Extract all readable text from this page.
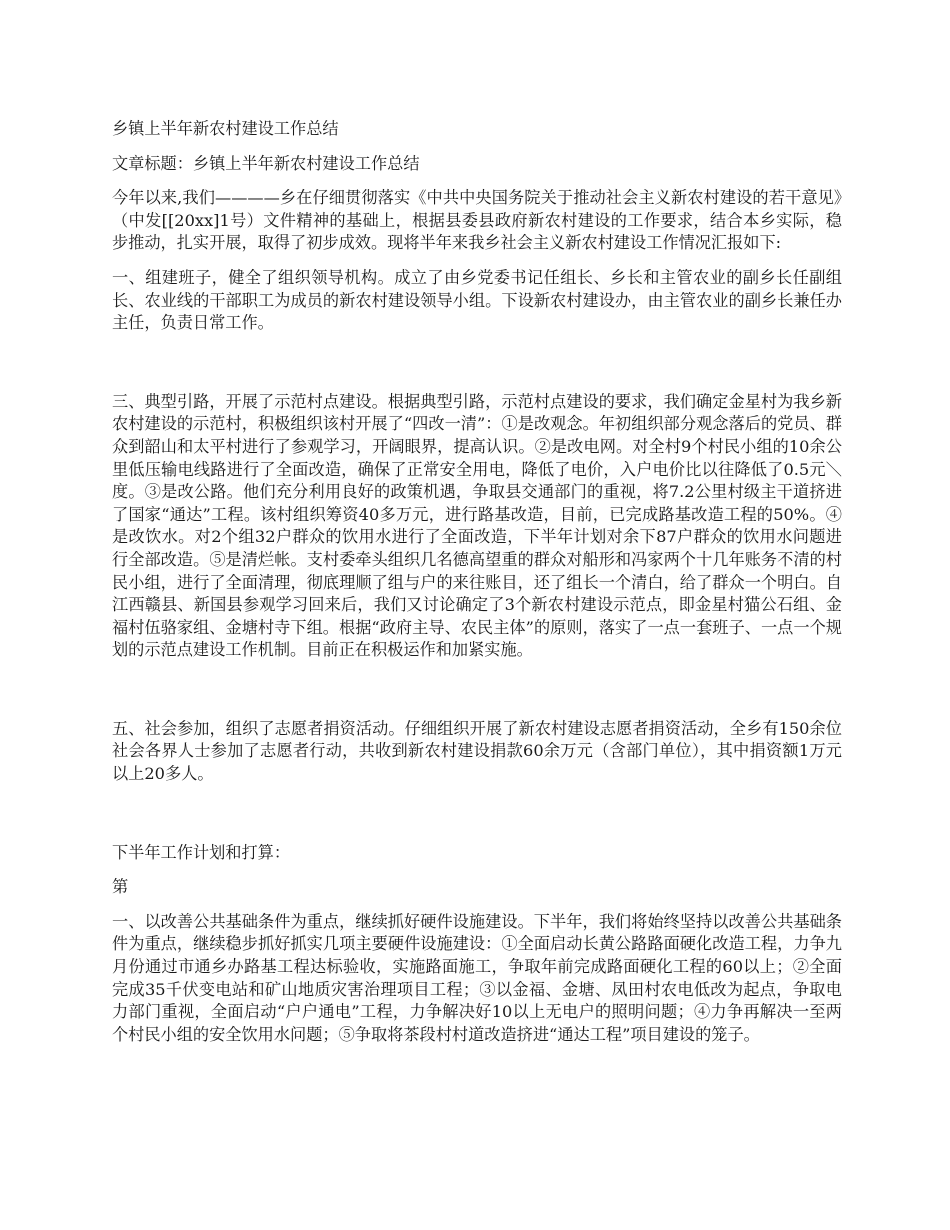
乡镇上半年新农村建设工作总结

文章标题：乡镇上半年新农村建设工作总结

今年以来,我们————乡在仔细贯彻落实《中共中央国务院关于推动社会主义新农村建设的若干意见》（中发[[20xx]1号）文件精神的基础上，根据县委县政府新农村建设的工作要求，结合本乡实际，稳步推动，扎实开展，取得了初步成效。现将半年来我乡社会主义新农村建设工作情况汇报如下:

一、组建班子，健全了组织领导机构。成立了由乡党委书记任组长、乡长和主管农业的副乡长任副组长、农业线的干部职工为成员的新农村建设领导小组。下设新农村建设办，由主管农业的副乡长兼任办主任，负责日常工作。

三、典型引路，开展了示范村点建设。根据典型引路，示范村点建设的要求，我们确定金星村为我乡新农村建设的示范村，积极组织该村开展了“四改一清”：①是改观念。年初组织部分观念落后的党员、群众到韶山和太平村进行了参观学习，开阔眼界，提高认识。②是改电网。对全村9个村民小组的10余公里低压输电线路进行了全面改造，确保了正常安全用电，降低了电价，入户电价比以往降低了0.5元＼度。③是改公路。他们充分利用良好的政策机遇，争取县交通部门的重视，将7.2公里村级主干道挤进了国家“通达”工程。该村组织筹资40多万元，进行路基改造，目前，已完成路基改造工程的50%。④是改饮水。对2个组32户群众的饮用水进行了全面改造，下半年计划对余下87户群众的饮用水问题进行全部改造。⑤是清烂帐。支村委牵头组织几名德高望重的群众对船形和冯家两个十几年账务不清的村民小组，进行了全面清理，彻底理顺了组与户的来往账目，还了组长一个清白，给了群众一个明白。自江西赣县、新国县参观学习回来后，我们又讨论确定了3个新农村建设示范点，即金星村猫公石组、金福村伍骆家组、金塘村寺下组。根据“政府主导、农民主体”的原则，落实了一点一套班子、一点一个规划的示范点建设工作机制。目前正在积极运作和加紧实施。

五、社会参加，组织了志愿者捐资活动。仔细组织开展了新农村建设志愿者捐资活动，全乡有150余位社会各界人士参加了志愿者行动，共收到新农村建设捐款60余万元（含部门单位），其中捐资额1万元以上20多人。

下半年工作计划和打算：

第

一、以改善公共基础条件为重点，继续抓好硬件设施建设。下半年，我们将始终坚持以改善公共基础条件为重点，继续稳步抓好抓实几项主要硬件设施建设：①全面启动长黄公路路面硬化改造工程，力争九月份通过市通乡办路基工程达标验收，实施路面施工，争取年前完成路面硬化工程的60以上；②全面完成35千伏变电站和矿山地质灾害治理项目工程；③以金福、金塘、凤田村农电低改为起点，争取电力部门重视，全面启动“户户通电”工程，力争解决好10以上无电户的照明问题；④力争再解决一至两个村民小组的安全饮用水问题；⑤争取将茶段村村道改造挤进“通达工程”项目建设的笼子。
